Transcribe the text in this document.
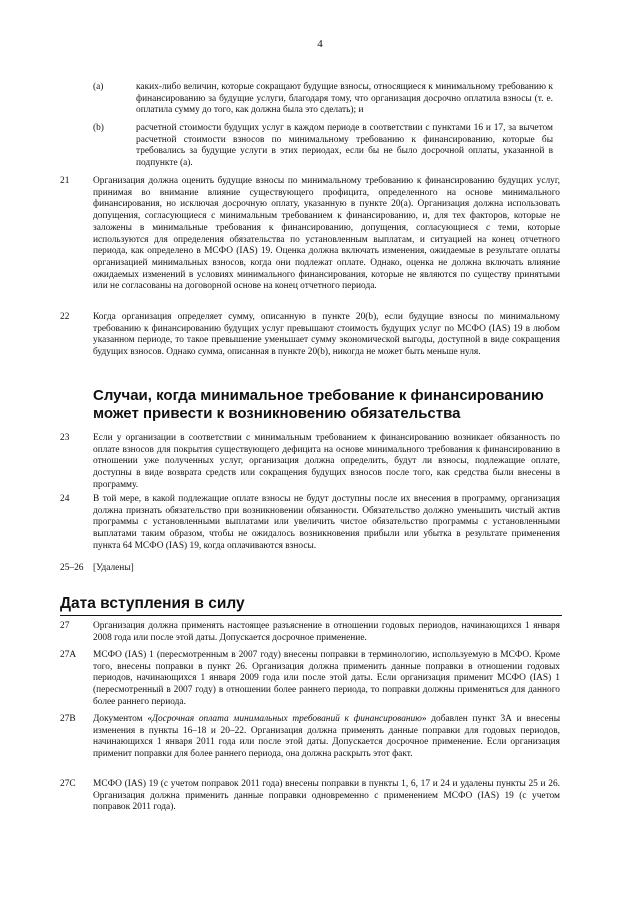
4
(a)	каких-либо величин, которые сокращают будущие взносы, относящиеся к минимальному требованию к финансированию за будущие услуги, благодаря тому, что организация досрочно оплатила взносы (т. е. оплатила сумму до того, как должна была это сделать); и
(b)	расчетной стоимости будущих услуг в каждом периоде в соответствии с пунктами 16 и 17, за вычетом расчетной стоимости взносов по минимальному требованию к финансированию, которые бы требовались за будущие услуги в этих периодах, если бы не было досрочной оплаты, указанной в подпункте (а).
21	Организация должна оценить будущие взносы по минимальному требованию к финансированию будущих услуг, принимая во внимание влияние существующего профицита, определенного на основе минимального финансирования, но исключая досрочную оплату, указанную в пункте 20(а). Организация должна использовать допущения, согласующиеся с минимальным требованием к финансированию, и, для тех факторов, которые не заложены в минимальные требования к финансированию, допущения, согласующиеся с теми, которые используются для определения обязательства по установленным выплатам, и ситуацией на конец отчетного периода, как определено в МСФО (IAS) 19. Оценка должна включать изменения, ожидаемые в результате оплаты организацией минимальных взносов, когда они подлежат оплате. Однако, оценка не должна включать влияние ожидаемых изменений в условиях минимального финансирования, которые не являются по существу принятыми или не согласованы на договорной основе на конец отчетного периода.
22	Когда организация определяет сумму, описанную в пункте 20(b), если будущие взносы по минимальному требованию к финансированию будущих услуг превышают стоимость будущих услуг по МСФО (IAS) 19 в любом указанном периоде, то такое превышение уменьшает сумму экономической выгоды, доступной в виде сокращения будущих взносов. Однако сумма, описанная в пункте 20(b), никогда не может быть меньше нуля.
Случаи, когда минимальное требование к финансированию может привести к возникновению обязательства
23	Если у организации в соответствии с минимальным требованием к финансированию возникает обязанность по оплате взносов для покрытия существующего дефицита на основе минимального требования к финансированию в отношении уже полученных услуг, организация должна определить, будут ли взносы, подлежащие оплате, доступны в виде возврата средств или сокращения будущих взносов после того, как средства были внесены в программу.
24	В той мере, в какой подлежащие оплате взносы не будут доступны после их внесения в программу, организация должна признать обязательство при возникновении обязанности. Обязательство должно уменьшить чистый актив программы с установленными выплатами или увеличить чистое обязательство программы с установленными выплатами таким образом, чтобы не ожидалось возникновения прибыли или убытка в результате применения пункта 64 МСФО (IAS) 19, когда оплачиваются взносы.
25–26	[Удалены]
Дата вступления в силу
27	Организация должна применять настоящее разъяснение в отношении годовых периодов, начинающихся 1 января 2008 года или после этой даты. Допускается досрочное применение.
27A	МСФО (IAS) 1 (пересмотренным в 2007 году) внесены поправки в терминологию, используемую в МСФО. Кроме того, внесены поправки в пункт 26. Организация должна применить данные поправки в отношении годовых периодов, начинающихся 1 января 2009 года или после этой даты. Если организация применит МСФО (IAS) 1 (пересмотренный в 2007 году) в отношении более раннего периода, то поправки должны применяться для данного более раннего периода.
27B	Документом «Досрочная оплата минимальных требований к финансированию» добавлен пункт 3А и внесены изменения в пункты 16–18 и 20–22. Организация должна применять данные поправки для годовых периодов, начинающихся 1 января 2011 года или после этой даты. Допускается досрочное применение. Если организация применит поправки для более раннего периода, она должна раскрыть этот факт.
27C	МСФО (IAS) 19 (с учетом поправок 2011 года) внесены поправки в пункты 1, 6, 17 и 24 и удалены пункты 25 и 26. Организация должна применить данные поправки одновременно с применением МСФО (IAS) 19 (с учетом поправок 2011 года).
